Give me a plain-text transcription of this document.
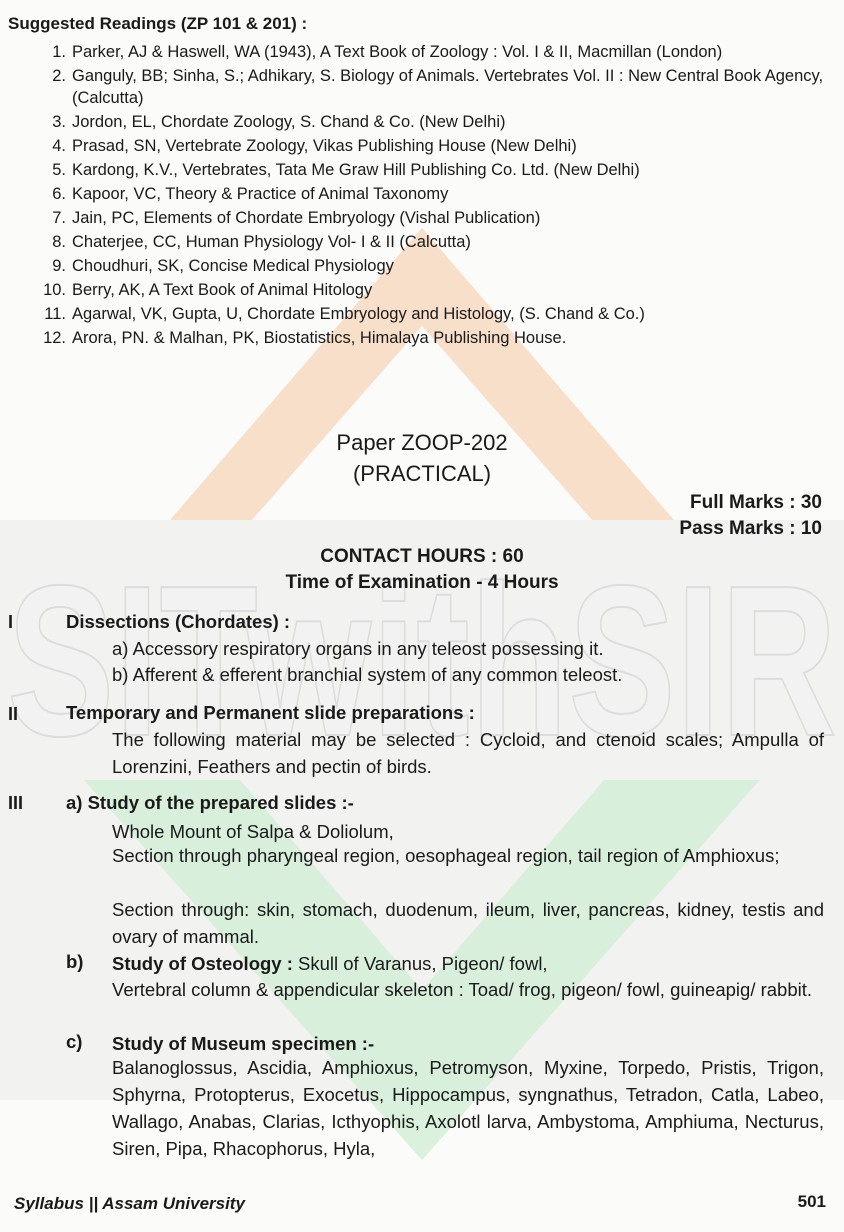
SITwithSIR
Suggested Readings (ZP 101 & 201) :
1. Parker, AJ & Haswell, WA (1943), A Text Book of Zoology : Vol. I & II, Macmillan (London)
2. Ganguly, BB; Sinha, S.; Adhikary, S. Biology of Animals. Vertebrates Vol. II : New Central Book Agency, (Calcutta)
3. Jordon, EL, Chordate Zoology, S. Chand & Co. (New Delhi)
4. Prasad, SN, Vertebrate Zoology, Vikas Publishing House (New Delhi)
5. Kardong, K.V., Vertebrates, Tata Me Graw Hill Publishing Co. Ltd. (New Delhi)
6. Kapoor, VC, Theory & Practice of Animal Taxonomy
7. Jain, PC, Elements of Chordate Embryology (Vishal Publication)
8. Chaterjee, CC, Human Physiology Vol- I & II (Calcutta)
9. Choudhuri, SK, Concise Medical Physiology
10. Berry, AK, A Text Book of Animal Hitology
11. Agarwal, VK, Gupta, U, Chordate Embryology and Histology, (S. Chand & Co.)
12. Arora, PN. & Malhan, PK, Biostatistics, Himalaya Publishing House.
Paper ZOOP-202
(PRACTICAL)
Full Marks : 30
Pass Marks : 10
CONTACT HOURS : 60
Time of Examination - 4 Hours
I	Dissections (Chordates) :
a) Accessory respiratory organs in any teleost possessing it.
b) Afferent & efferent branchial system of any common teleost.
II	Temporary and Permanent slide preparations :
The following material may be selected : Cycloid, and ctenoid scales; Ampulla of Lorenzini, Feathers and pectin of birds.
III a) Study of the prepared slides :-
Whole Mount of Salpa & Doliolum,
Section through pharyngeal region, oesophageal region, tail region of Amphioxus;
Section through: skin, stomach, duodenum, ileum, liver, pancreas, kidney, testis and ovary of mammal.
b) Study of Osteology : Skull of Varanus, Pigeon/ fowl,
Vertebral column & appendicular skeleton : Toad/ frog, pigeon/ fowl, guineapig/ rabbit.
c) Study of Museum specimen :-
Balanoglossus, Ascidia, Amphioxus, Petromyson, Myxine, Torpedo, Pristis, Trigon, Sphyrna, Protopterus, Exocetus, Hippocampus, syngnathus, Tetradon, Catla, Labeo, Wallago, Anabas, Clarias, Icthyophis, Axolotl larva, Ambystoma, Amphiuma, Necturus, Siren, Pipa, Rhacophorus, Hyla,
Syllabus || Assam University	501
